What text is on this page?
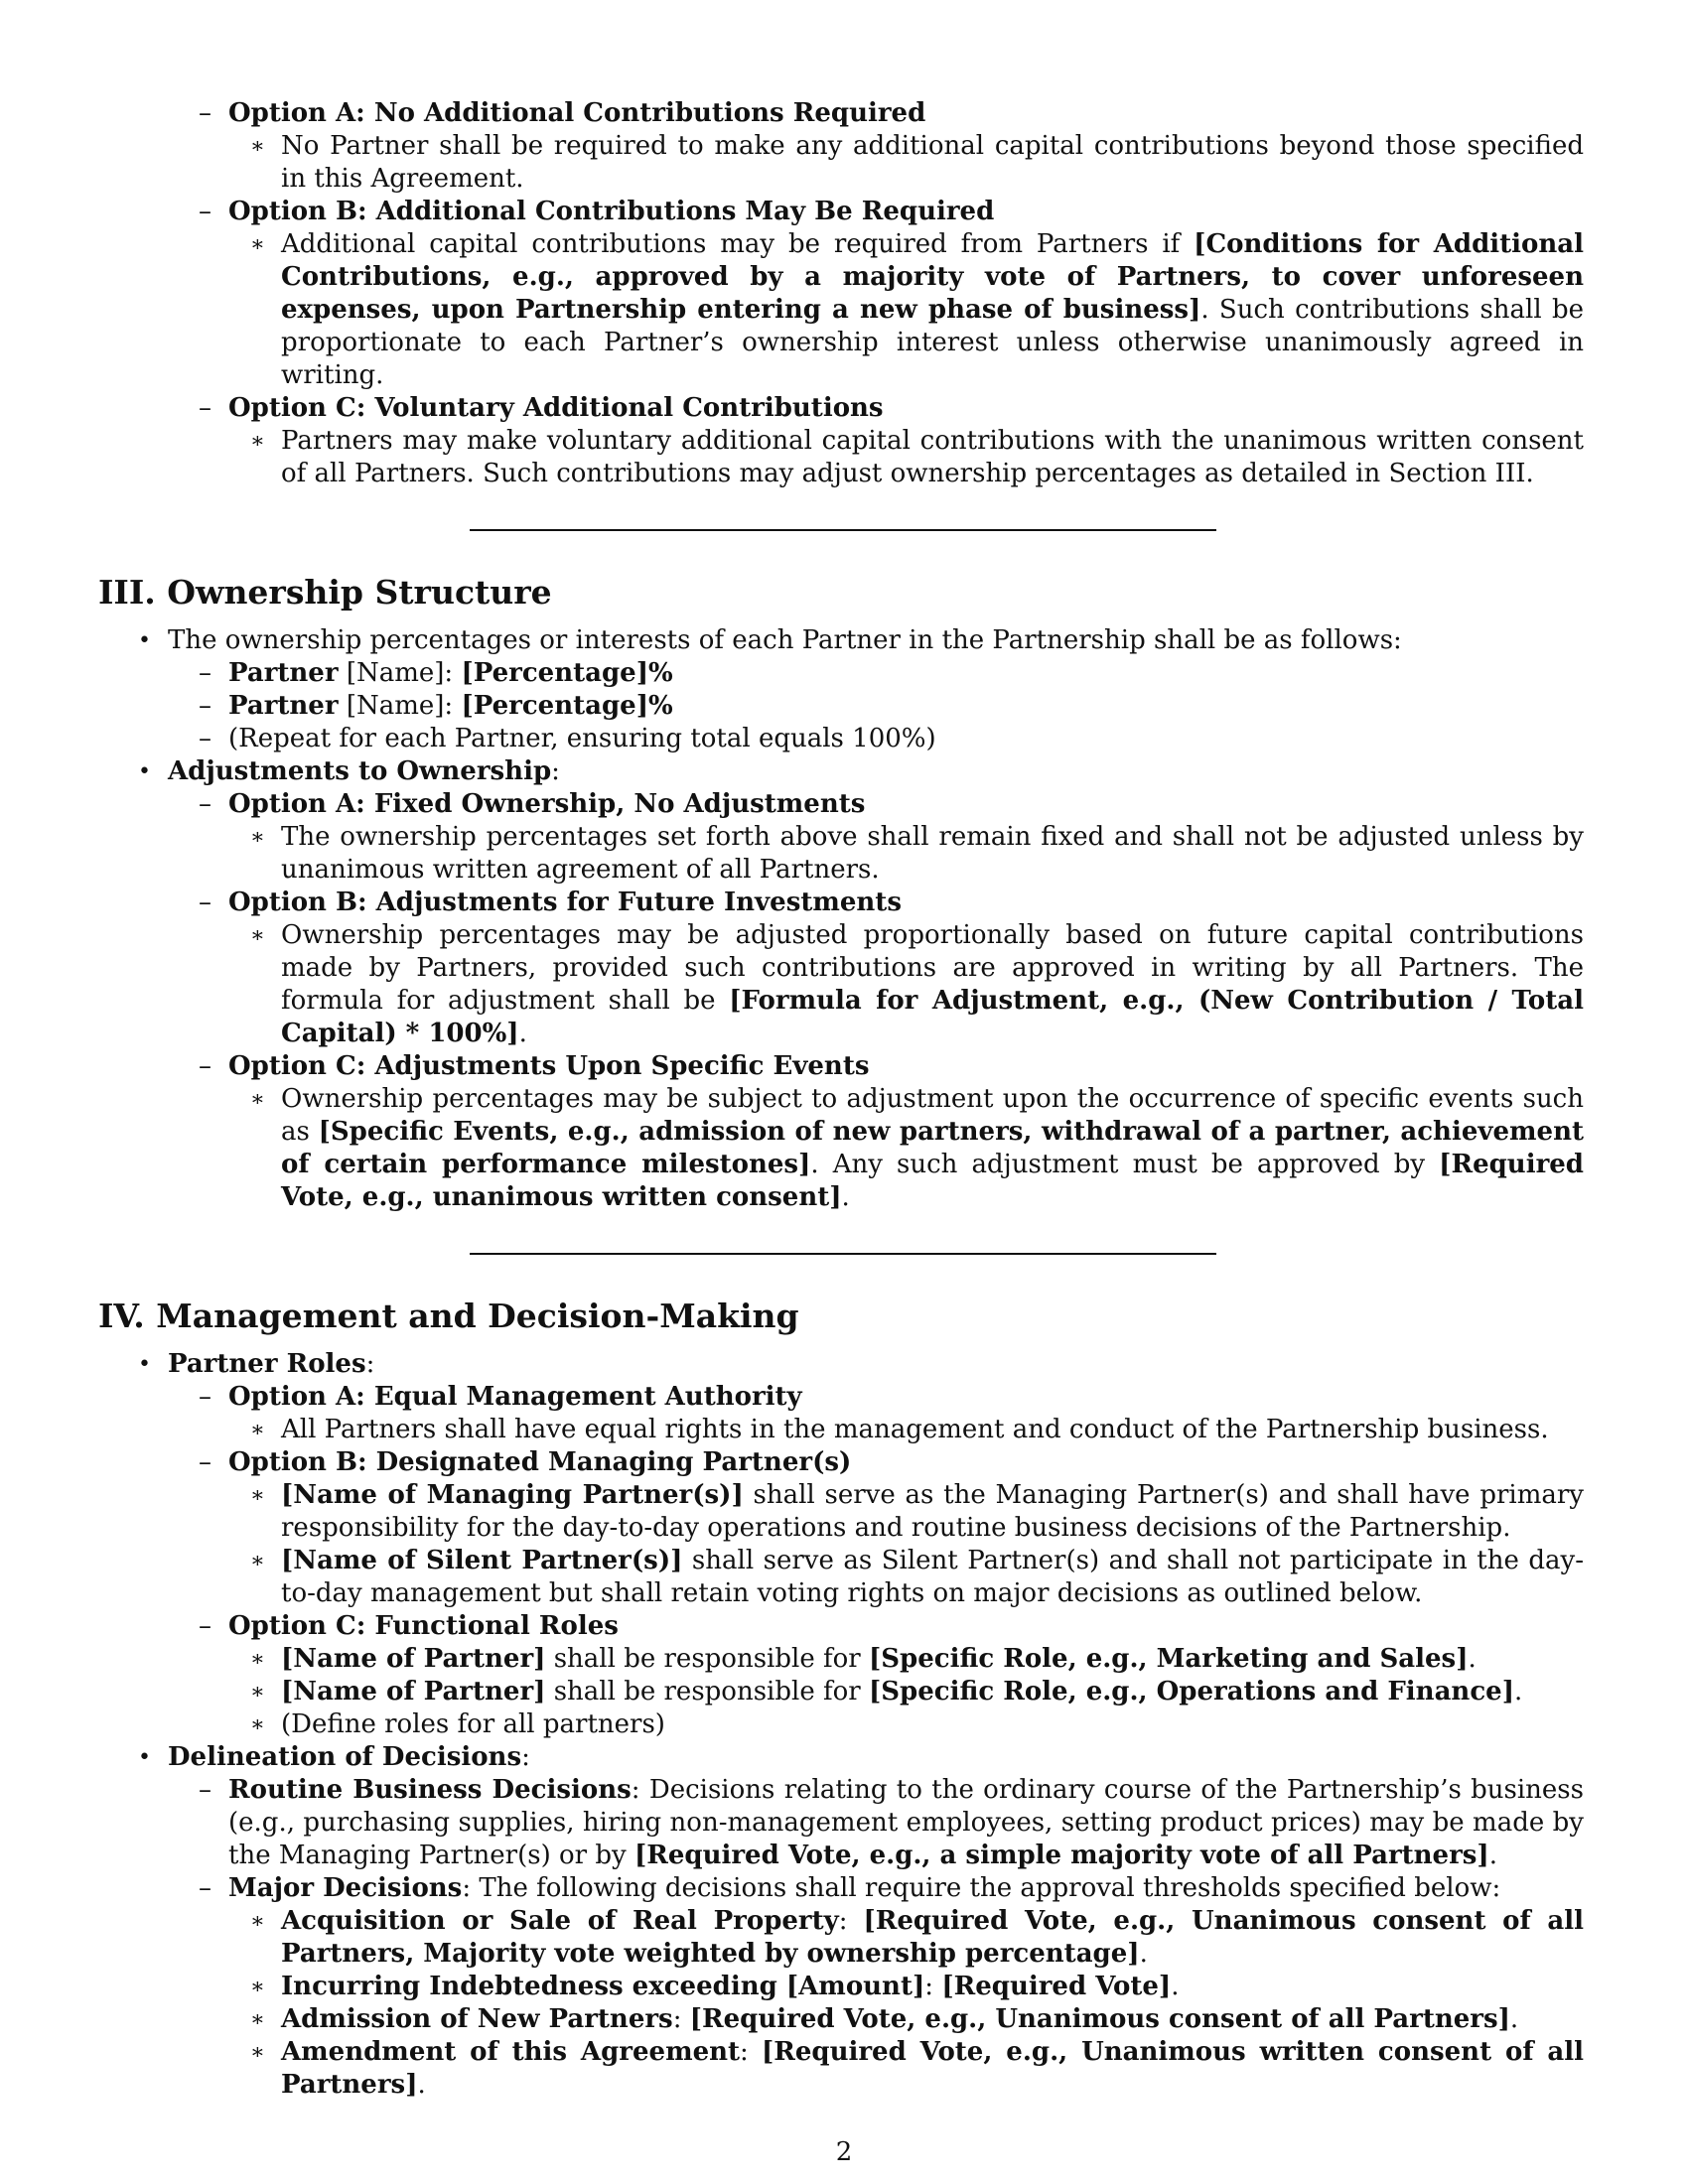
– Option A: No Additional Contributions Required
∗ No Partner shall be required to make any additional capital contributions beyond those specified in this Agreement.
– Option B: Additional Contributions May Be Required
∗ Additional capital contributions may be required from Partners if [Conditions for Additional Contributions, e.g., approved by a majority vote of Partners, to cover unforeseen expenses, upon Partnership entering a new phase of business]. Such contributions shall be proportionate to each Partner’s ownership interest unless otherwise unanimously agreed in writing.
– Option C: Voluntary Additional Contributions
∗ Partners may make voluntary additional capital contributions with the unanimous written consent of all Partners. Such contributions may adjust ownership percentages as detailed in Section III.
III. Ownership Structure
• The ownership percentages or interests of each Partner in the Partnership shall be as follows:
– Partner [Name]: [Percentage]%
– Partner [Name]: [Percentage]%
– (Repeat for each Partner, ensuring total equals 100%)
• Adjustments to Ownership:
– Option A: Fixed Ownership, No Adjustments
∗ The ownership percentages set forth above shall remain fixed and shall not be adjusted unless by unanimous written agreement of all Partners.
– Option B: Adjustments for Future Investments
∗ Ownership percentages may be adjusted proportionally based on future capital contributions made by Partners, provided such contributions are approved in writing by all Partners. The formula for adjustment shall be [Formula for Adjustment, e.g., (New Contribution / Total Capital) * 100%].
– Option C: Adjustments Upon Specific Events
∗ Ownership percentages may be subject to adjustment upon the occurrence of specific events such as [Specific Events, e.g., admission of new partners, withdrawal of a partner, achievement of certain performance milestones]. Any such adjustment must be approved by [Required Vote, e.g., unanimous written consent].
IV. Management and Decision-Making
• Partner Roles:
– Option A: Equal Management Authority
∗ All Partners shall have equal rights in the management and conduct of the Partnership business.
– Option B: Designated Managing Partner(s)
∗ [Name of Managing Partner(s)] shall serve as the Managing Partner(s) and shall have primary responsibility for the day-to-day operations and routine business decisions of the Partnership.
∗ [Name of Silent Partner(s)] shall serve as Silent Partner(s) and shall not participate in the day-to-day management but shall retain voting rights on major decisions as outlined below.
– Option C: Functional Roles
∗ [Name of Partner] shall be responsible for [Specific Role, e.g., Marketing and Sales].
∗ [Name of Partner] shall be responsible for [Specific Role, e.g., Operations and Finance].
∗ (Define roles for all partners)
• Delineation of Decisions:
– Routine Business Decisions: Decisions relating to the ordinary course of the Partnership’s business (e.g., purchasing supplies, hiring non-management employees, setting product prices) may be made by the Managing Partner(s) or by [Required Vote, e.g., a simple majority vote of all Partners].
– Major Decisions: The following decisions shall require the approval thresholds specified below:
∗ Acquisition or Sale of Real Property: [Required Vote, e.g., Unanimous consent of all Partners, Majority vote weighted by ownership percentage].
∗ Incurring Indebtedness exceeding [Amount]: [Required Vote].
∗ Admission of New Partners: [Required Vote, e.g., Unanimous consent of all Partners].
∗ Amendment of this Agreement: [Required Vote, e.g., Unanimous written consent of all Partners].
2
